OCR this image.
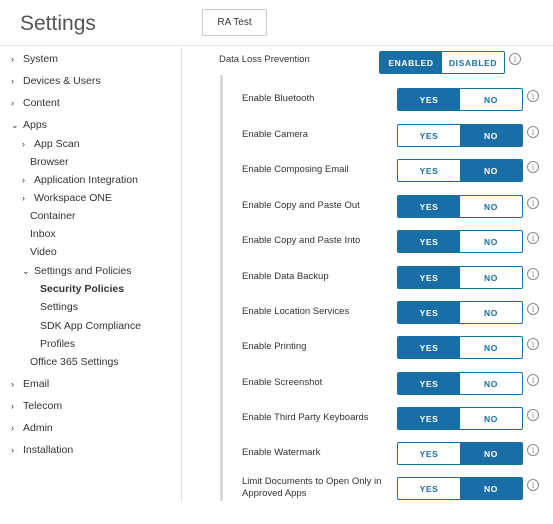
Settings	RA Test
› System
› Devices & Users
› Content
⌄ Apps
› App Scan
Browser
› Application Integration
› Workspace ONE
Container
Inbox
Video
⌄ Settings and Policies
Security Policies
Settings
SDK App Compliance
Profiles
Office 365 Settings
› Email
› Telecom
› Admin
› Installation
Data Loss Prevention	ENABLED	DISABLED	i
Enable Bluetooth	YES	NO	i
Enable Camera	YES	NO	i
Enable Composing Email	YES	NO	i
Enable Copy and Paste Out	YES	NO	i
Enable Copy and Paste Into	YES	NO	i
Enable Data Backup	YES	NO	i
Enable Location Services	YES	NO	i
Enable Printing	YES	NO	i
Enable Screenshot	YES	NO	i
Enable Third Party Keyboards	YES	NO	i
Enable Watermark	YES	NO	i
Limit Documents to Open Only in Approved Apps	YES	NO	i
